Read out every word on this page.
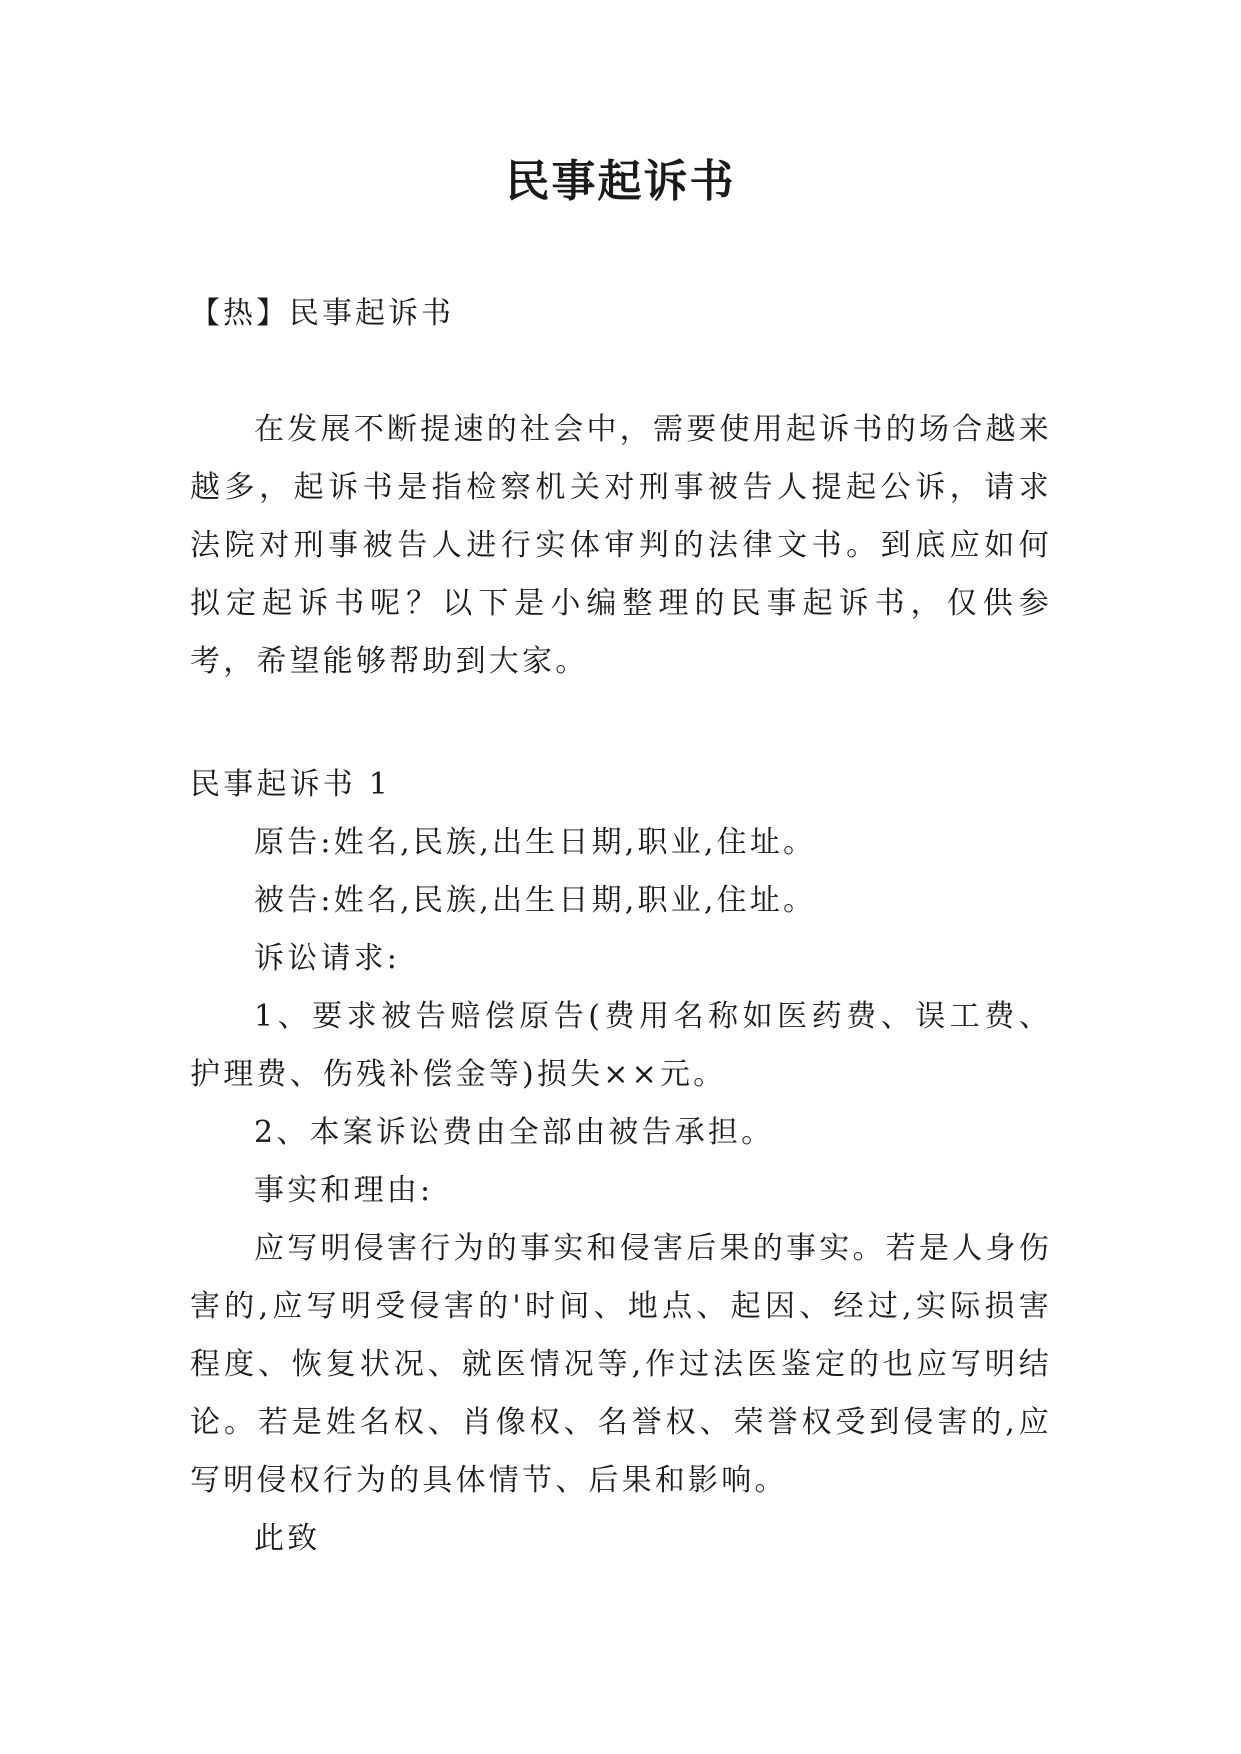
民事起诉书

【热】民事起诉书

在发展不断提速的社会中，需要使用起诉书的场合越来越多，起诉书是指检察机关对刑事被告人提起公诉，请求法院对刑事被告人进行实体审判的法律文书。到底应如何拟定起诉书呢？以下是小编整理的民事起诉书，仅供参考，希望能够帮助到大家。

民事起诉书 1

原告:姓名,民族,出生日期,职业,住址。

被告:姓名,民族,出生日期,职业,住址。

诉讼请求:

1、要求被告赔偿原告(费用名称如医药费、误工费、护理费、伤残补偿金等)损失××元。

2、本案诉讼费由全部由被告承担。

事实和理由:

应写明侵害行为的事实和侵害后果的事实。若是人身伤害的,应写明受侵害的'时间、地点、起因、经过,实际损害程度、恢复状况、就医情况等,作过法医鉴定的也应写明结论。若是姓名权、肖像权、名誉权、荣誉权受到侵害的,应写明侵权行为的具体情节、后果和影响。

此致
